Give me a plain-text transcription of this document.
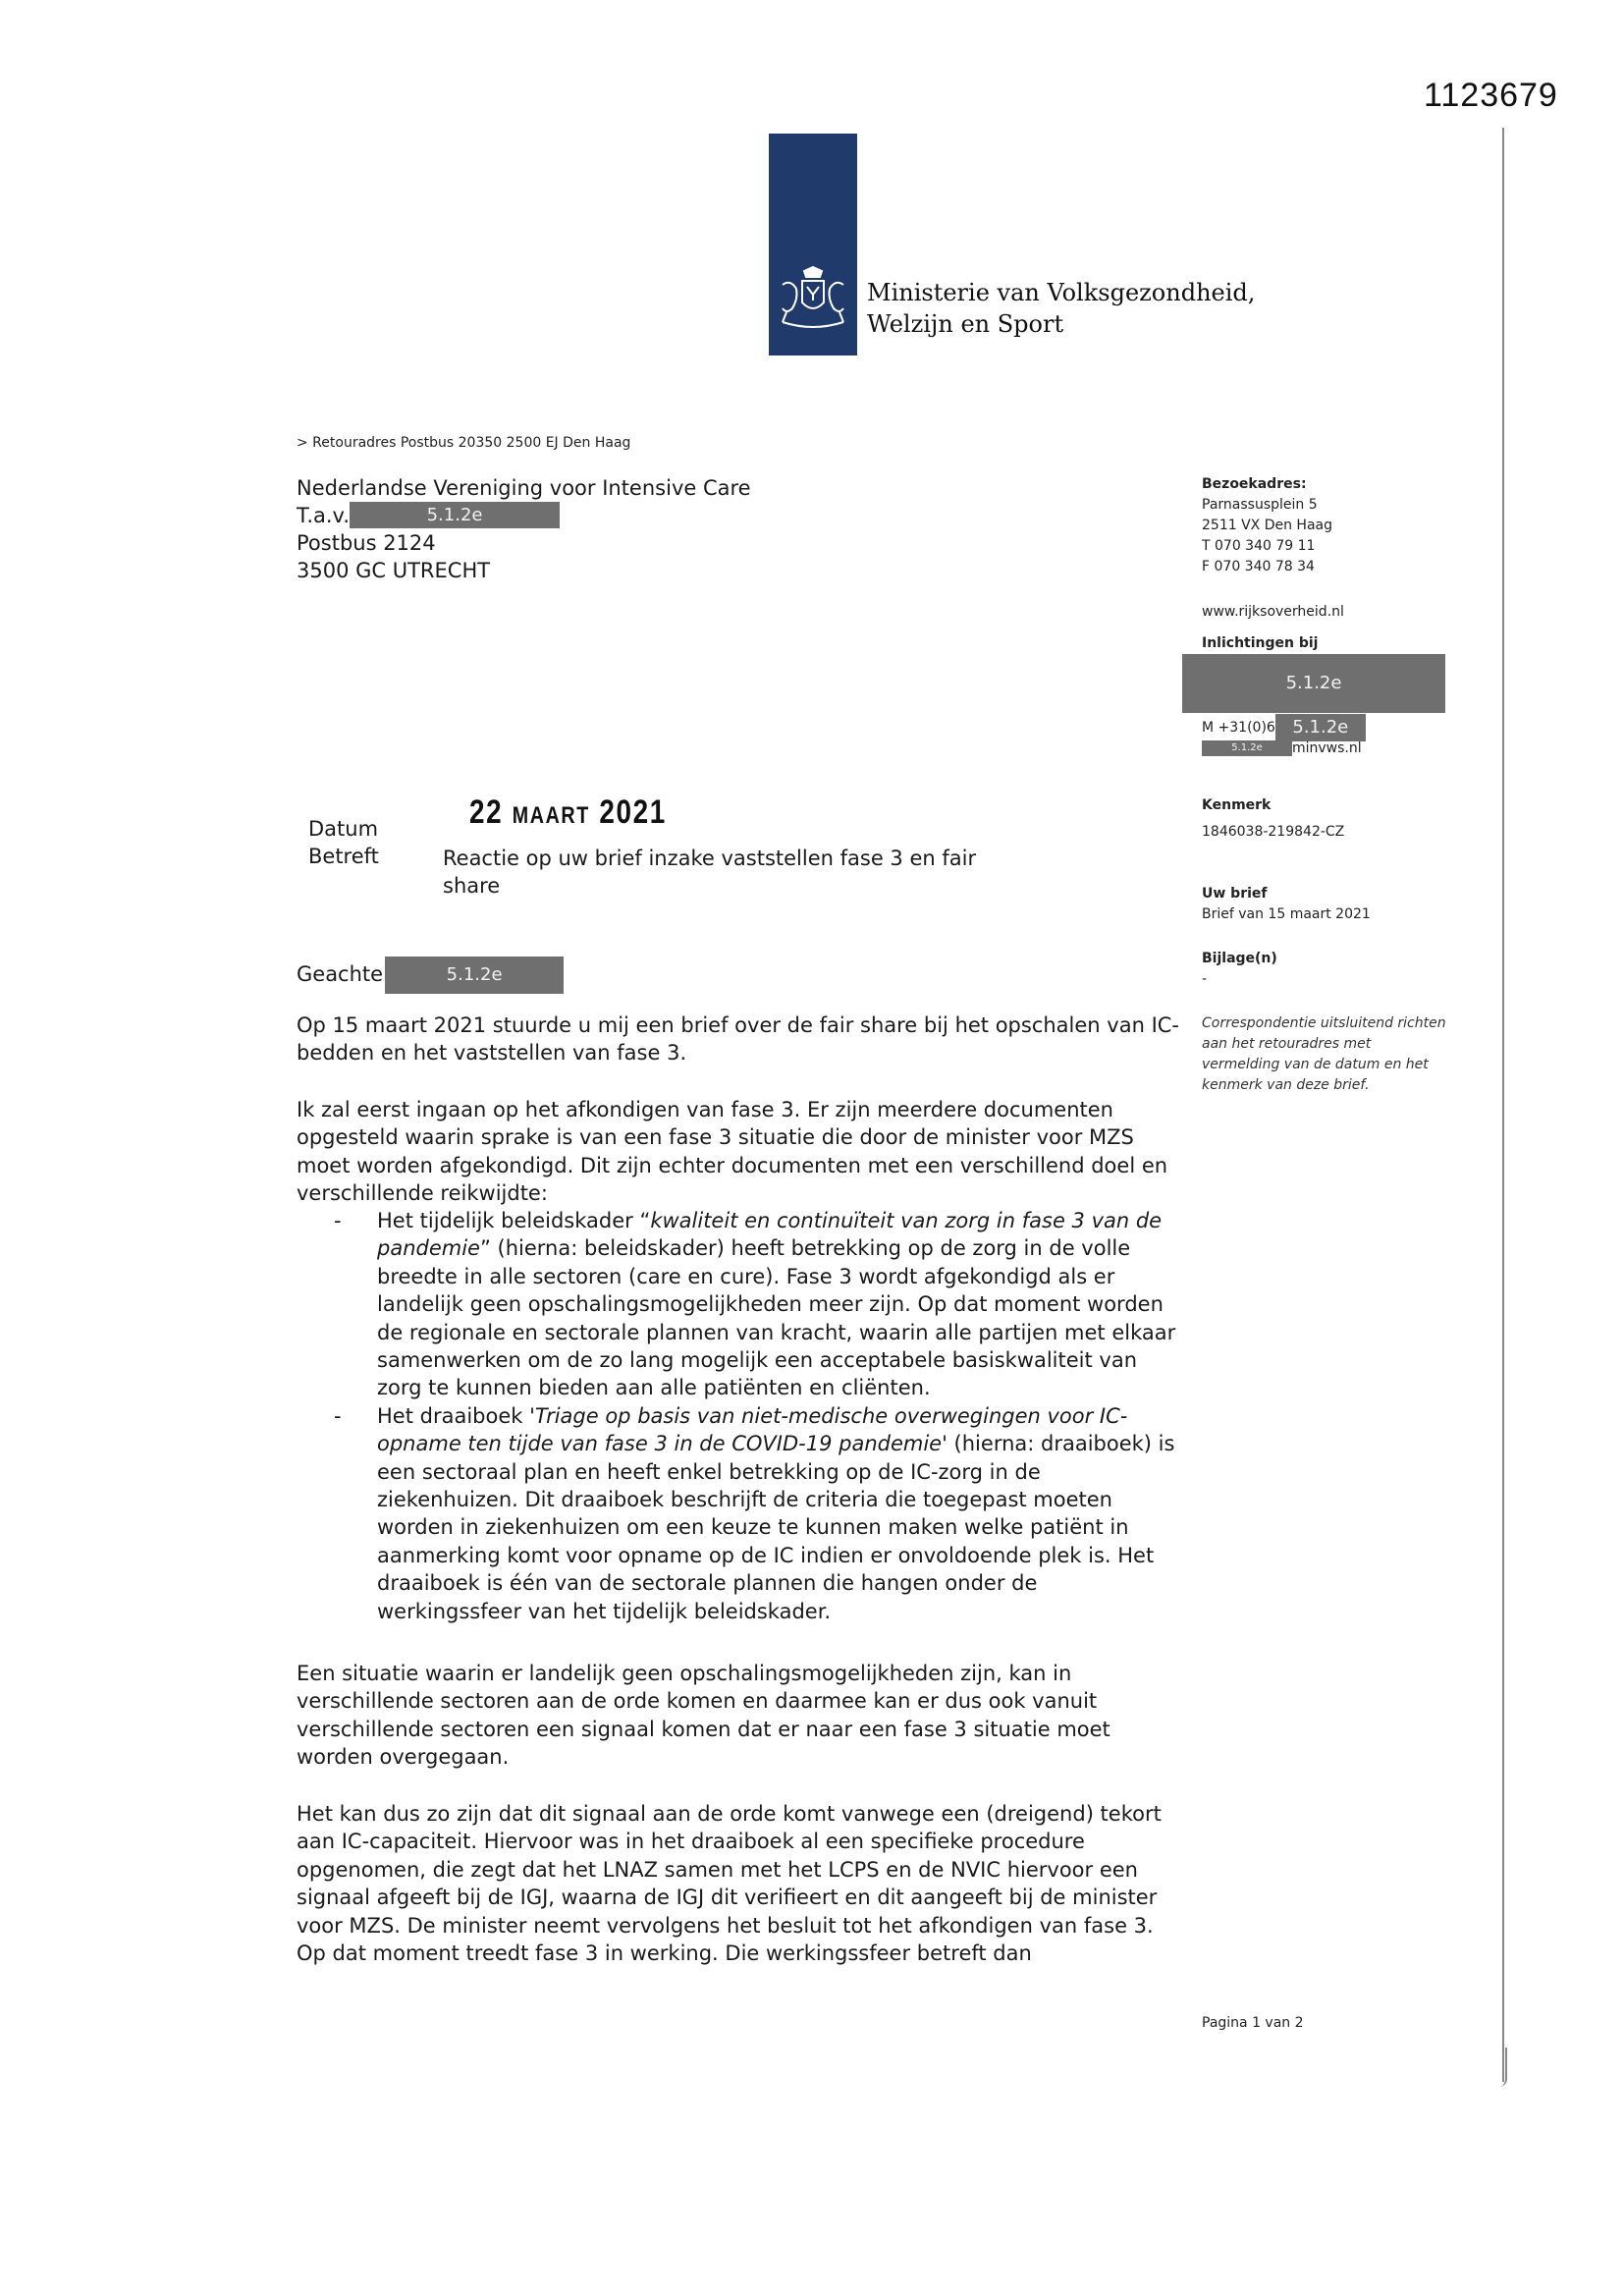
1123679
Ministerie van Volksgezondheid,
Welzijn en Sport
> Retouradres Postbus 20350 2500 EJ Den Haag
Nederlandse Vereniging voor Intensive Care
T.a.v.	5.1.2e
Postbus 2124
3500 GC UTRECHT
Bezoekadres:
Parnassusplein 5
2511 VX Den Haag
T 070 340 79 11
F 070 340 78 34
www.rijksoverheid.nl
Inlichtingen bij
5.1.2e
M +31(0)6 5.1.2e
5.1.2e minvws.nl
Kenmerk
1846038-219842-CZ
Uw brief
Brief van 15 maart 2021
Bijlage(n)
-
Correspondentie uitsluitend richten aan het retouradres met vermelding van de datum en het kenmerk van deze brief.
Datum	22 MAART 2021
Betreft	Reactie op uw brief inzake vaststellen fase 3 en fair share
Geachte	5.1.2e

Op 15 maart 2021 stuurde u mij een brief over de fair share bij het opschalen van IC-bedden en het vaststellen van fase 3.

Ik zal eerst ingaan op het afkondigen van fase 3. Er zijn meerdere documenten opgesteld waarin sprake is van een fase 3 situatie die door de minister voor MZS moet worden afgekondigd. Dit zijn echter documenten met een verschillend doel en verschillende reikwijdte:

- Het tijdelijk beleidskader “kwaliteit en continuïteit van zorg in fase 3 van de pandemie” (hierna: beleidskader) heeft betrekking op de zorg in de volle breedte in alle sectoren (care en cure). Fase 3 wordt afgekondigd als er landelijk geen opschalingsmogelijkheden meer zijn. Op dat moment worden de regionale en sectorale plannen van kracht, waarin alle partijen met elkaar samenwerken om de zo lang mogelijk een acceptabele basiskwaliteit van zorg te kunnen bieden aan alle patiënten en cliënten.
- Het draaiboek 'Triage op basis van niet-medische overwegingen voor IC-opname ten tijde van fase 3 in de COVID-19 pandemie' (hierna: draaiboek) is een sectoraal plan en heeft enkel betrekking op de IC-zorg in de ziekenhuizen. Dit draaiboek beschrijft de criteria die toegepast moeten worden in ziekenhuizen om een keuze te kunnen maken welke patiënt in aanmerking komt voor opname op de IC indien er onvoldoende plek is. Het draaiboek is één van de sectorale plannen die hangen onder de werkingssfeer van het tijdelijk beleidskader.

Een situatie waarin er landelijk geen opschalingsmogelijkheden zijn, kan in verschillende sectoren aan de orde komen en daarmee kan er dus ook vanuit verschillende sectoren een signaal komen dat er naar een fase 3 situatie moet worden overgegaan.

Het kan dus zo zijn dat dit signaal aan de orde komt vanwege een (dreigend) tekort aan IC-capaciteit. Hiervoor was in het draaiboek al een specifieke procedure opgenomen, die zegt dat het LNAZ samen met het LCPS en de NVIC hiervoor een signaal afgeeft bij de IGJ, waarna de IGJ dit verifieert en dit aangeeft bij de minister voor MZS. De minister neemt vervolgens het besluit tot het afkondigen van fase 3. Op dat moment treedt fase 3 in werking. Die werkingssfeer betreft dan

Pagina 1 van 2
